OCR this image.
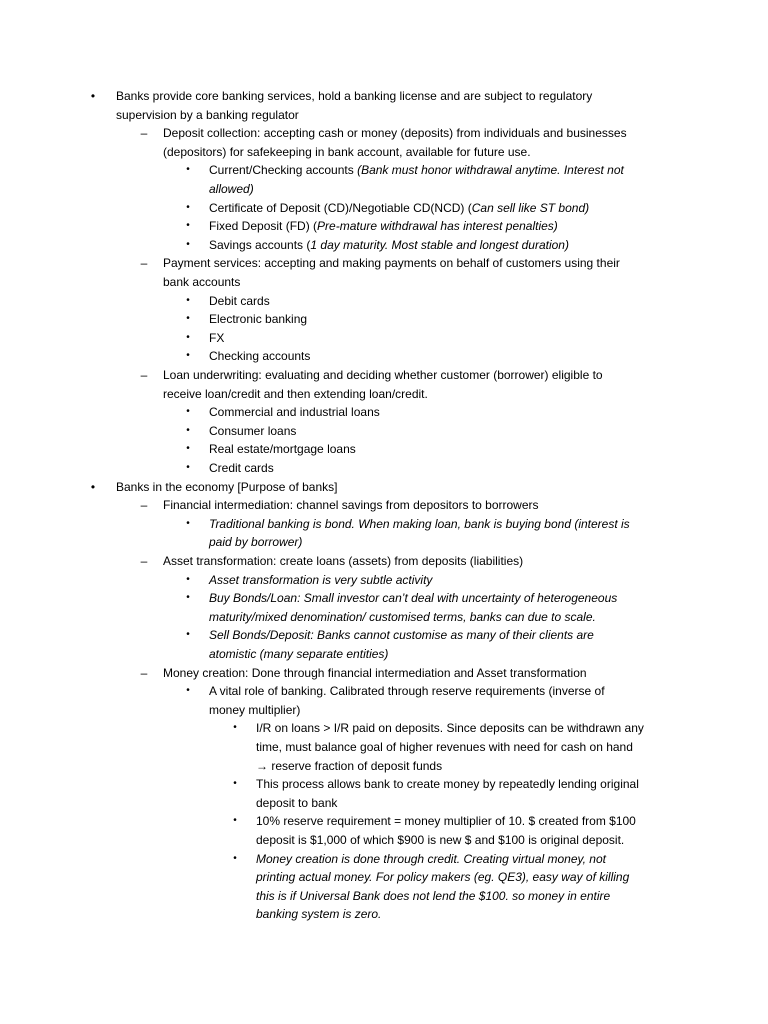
•	Banks provide core banking services, hold a banking license and are subject to regulatory
supervision by a banking regulator
–	Deposit collection: accepting cash or money (deposits) from individuals and businesses
(depositors) for safekeeping in bank account, available for future use.
•	Current/Checking accounts (Bank must honor withdrawal anytime. Interest not
allowed)
•	Certificate of Deposit (CD)/Negotiable CD(NCD) (Can sell like ST bond)
•	Fixed Deposit (FD) (Pre-mature withdrawal has interest penalties)
•	Savings accounts (1 day maturity. Most stable and longest duration)
–	Payment services: accepting and making payments on behalf of customers using their
bank accounts
•	Debit cards
•	Electronic banking
•	FX
•	Checking accounts
–	Loan underwriting: evaluating and deciding whether customer (borrower) eligible to
receive loan/credit and then extending loan/credit.
•	Commercial and industrial loans
•	Consumer loans
•	Real estate/mortgage loans
•	Credit cards
•	Banks in the economy [Purpose of banks]
–	Financial intermediation: channel savings from depositors to borrowers
•	Traditional banking is bond. When making loan, bank is buying bond (interest is
paid by borrower)
–	Asset transformation: create loans (assets) from deposits (liabilities)
•	Asset transformation is very subtle activity
•	Buy Bonds/Loan: Small investor can’t deal with uncertainty of heterogeneous
maturity/mixed denomination/ customised terms, banks can due to scale.
•	Sell Bonds/Deposit: Banks cannot customise as many of their clients are
atomistic (many separate entities)
–	Money creation: Done through financial intermediation and Asset transformation
•	A vital role of banking. Calibrated through reserve requirements (inverse of
money multiplier)
•	I/R on loans > I/R paid on deposits. Since deposits can be withdrawn any
time, must balance goal of higher revenues with need for cash on hand
→ reserve fraction of deposit funds
•	This process allows bank to create money by repeatedly lending original
deposit to bank
•	10% reserve requirement = money multiplier of 10. $ created from $100
deposit is $1,000 of which $900 is new $ and $100 is original deposit.
•	Money creation is done through credit. Creating virtual money, not
printing actual money. For policy makers (eg. QE3), easy way of killing
this is if Universal Bank does not lend the $100. so money in entire
banking system is zero.
